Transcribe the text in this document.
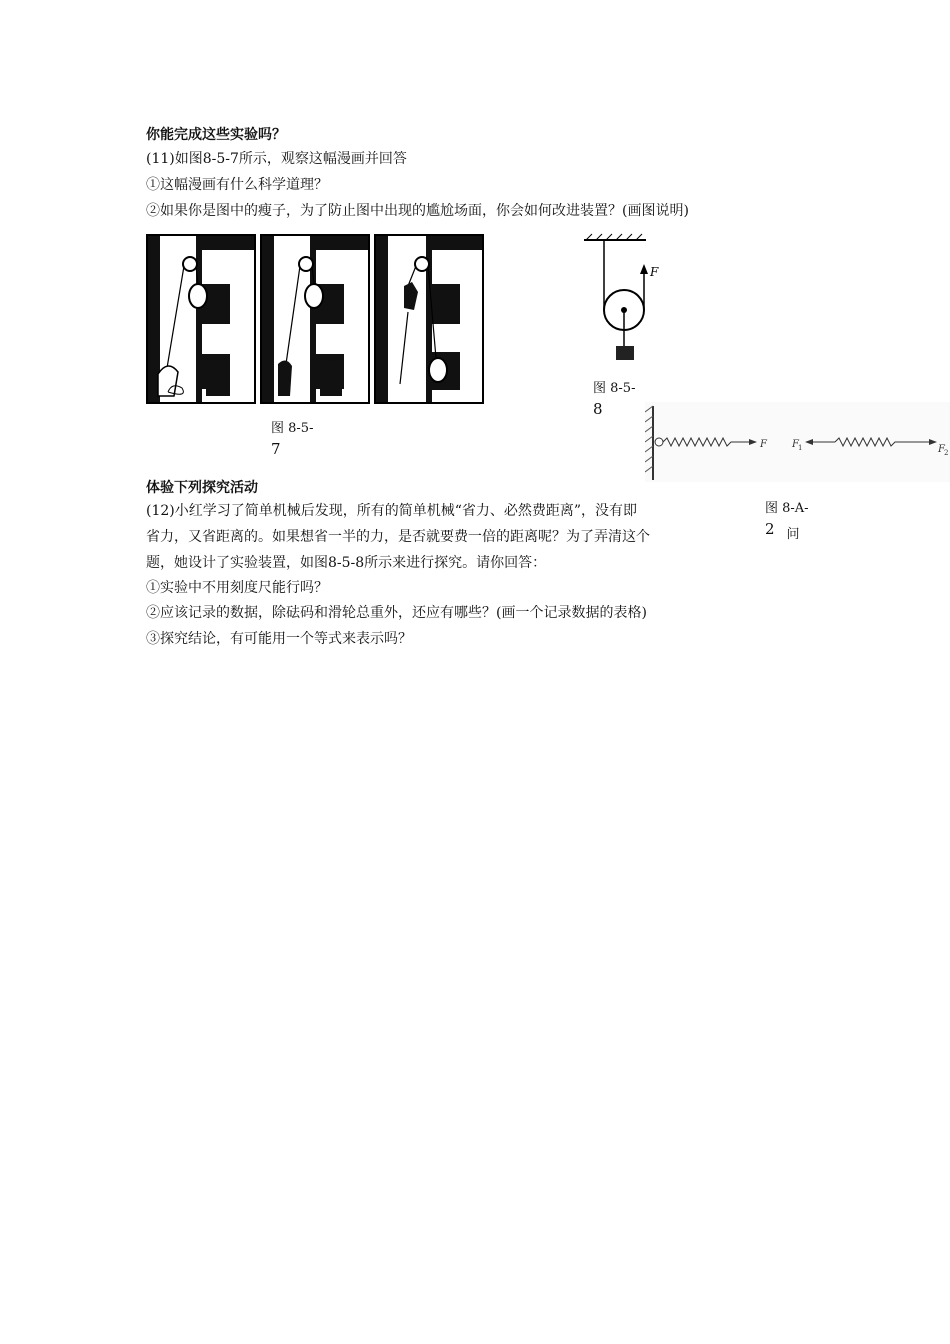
你能完成这些实验吗？
(11)如图8-5-7所示，观察这幅漫画并回答
①这幅漫画有什么科学道理？
②如果你是图中的瘦子，为了防止图中出现的尴尬场面，你会如何改进装置？(画图说明)
图 8-5-
7
F
图 8-5-
8
F	F 1	F 2
图 8-A-
2 问
体验下列探究活动
(12)小红学习了简单机械后发现，所有的简单机械“省力、必然费距离”，没有即
省力，又省距离的。如果想省一半的力，是否就要费一倍的距离呢？为了弄清这个
题，她设计了实验装置，如图8-5-8所示来进行探究。请你回答：
①实验中不用刻度尺能行吗？
②应该记录的数据，除砝码和滑轮总重外，还应有哪些？(画一个记录数据的表格)
③探究结论，有可能用一个等式来表示吗？
